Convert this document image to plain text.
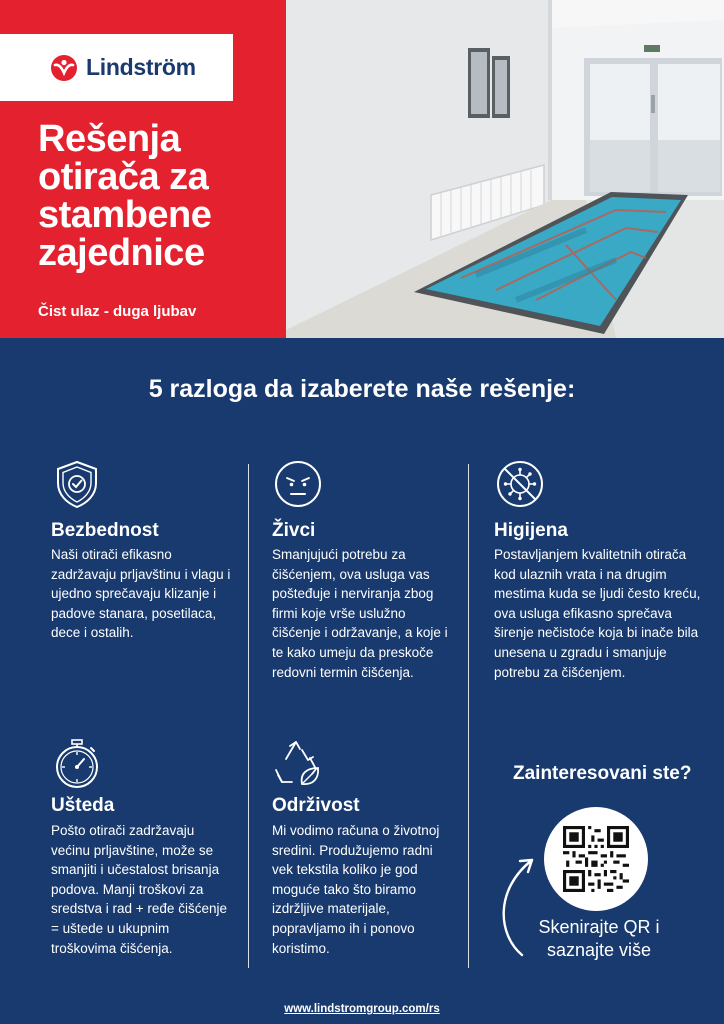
Lindström
Rešenja otirača za stambene zajednice
Čist ulaz - duga ljubav
5 razloga da izaberete naše rešenje:
Bezbednost
Naši otirači efikasno zadržavaju prljavštinu i vlagu i ujedno sprečavaju klizanje i padove stanara, posetilaca, dece i ostalih.
Živci
Smanjujući potrebu za čišćenjem, ova usluga vas pošteđuje i nerviranja zbog firmi koje vrše uslužno čišćenje i održavanje, a koje i te kako umeju da preskoče redovni termin čišćenja.
Higijena
Postavljanjem kvalitetnih otirača kod ulaznih vrata i na drugim mestima kuda se ljudi često kreću, ova usluga efikasno sprečava širenje nečistoće koja bi inače bila unesena u zgradu i smanjuje potrebu za čišćenjem.
Ušteda
Pošto otirači zadržavaju većinu prljavštine, može se smanjiti i učestalost brisanja podova. Manji troškovi za sredstva i rad + ređe čišćenje = uštede u ukupnim troškovima čišćenja.
Održivost
Mi vodimo računa o životnoj sredini. Produžujemo radni vek tekstila koliko je god moguće tako što biramo izdržljive materijale, popravljamo ih i ponovo koristimo.
Zainteresovani ste?
Skenirajte QR i saznajte više
www.lindstromgroup.com/rs
